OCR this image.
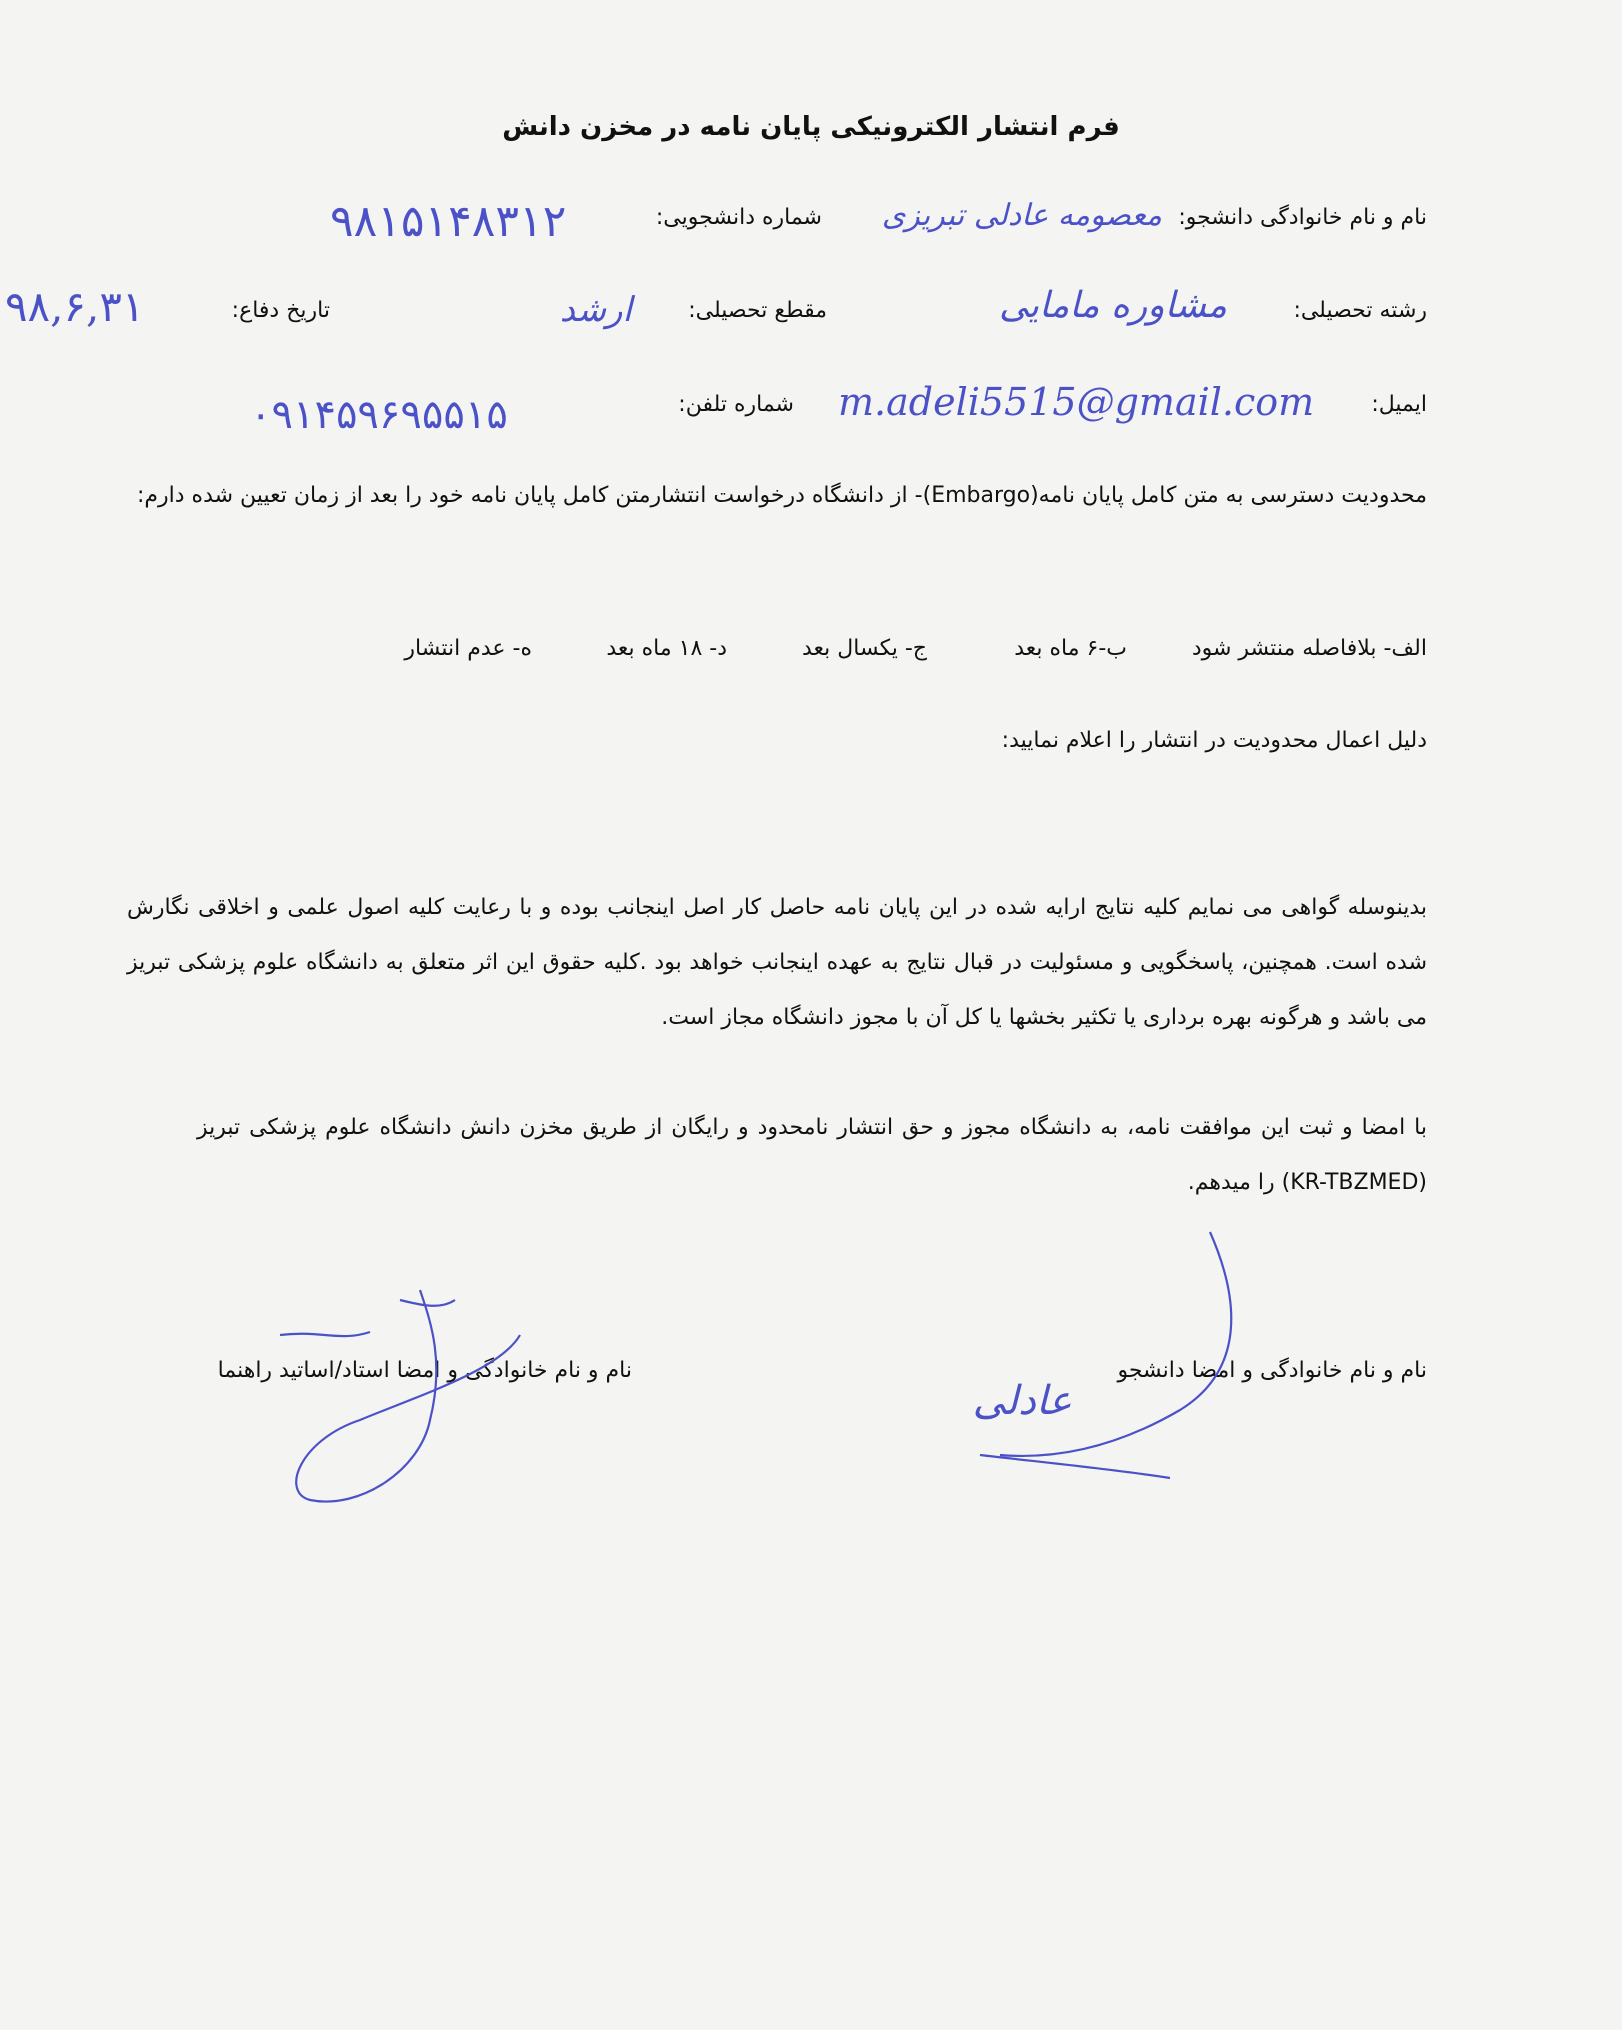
فرم انتشار الکترونیکی پایان نامه در مخزن دانش
نام و نام خانوادگی دانشجو:
معصومه عادلی تبریزی
شماره دانشجویی:
۹۸۱۵۱۴۸۳۱۲
رشته تحصیلی:
مشاوره مامایی
مقطع تحصیلی:
ارشد
تاریخ دفاع:
۹۸,۶,۳۱
ایمیل:
m.adeli5515@gmail.com
شماره تلفن:
۰۹۱۴۵۹۶۹۵۵۱۵
محدودیت دسترسی به متن کامل پایان نامه(Embargo)- از دانشگاه درخواست انتشارمتن کامل پایان نامه خود را بعد از زمان تعیین شده دارم:
الف- بلافاصله منتشر شود
ب-۶ ماه بعد
ج- یکسال بعد
د- ۱۸ ماه بعد
ه- عدم انتشار
دلیل اعمال محدودیت در انتشار را اعلام نمایید:
بدینوسله گواهی می نمایم کلیه نتایج ارایه شده در این پایان نامه حاصل کار اصل اینجانب بوده و با رعایت کلیه اصول علمی و اخلاقی نگارش شده است. همچنین، پاسخگویی و مسئولیت در قبال نتایج به عهده اینجانب خواهد بود .کلیه حقوق این اثر متعلق به دانشگاه علوم پزشکی تبریز می باشد و هرگونه بهره برداری یا تکثیر بخشها یا کل آن با مجوز دانشگاه مجاز است.
با امضا و ثبت این موافقت نامه، به دانشگاه مجوز و حق انتشار نامحدود و رایگان از طریق مخزن دانش دانشگاه علوم پزشکی تبریز (KR-TBZMED) را میدهم.
نام و نام خانوادگی و امضا دانشجو
عادلی
نام و نام خانوادگی و امضا استاد/اساتید راهنما
